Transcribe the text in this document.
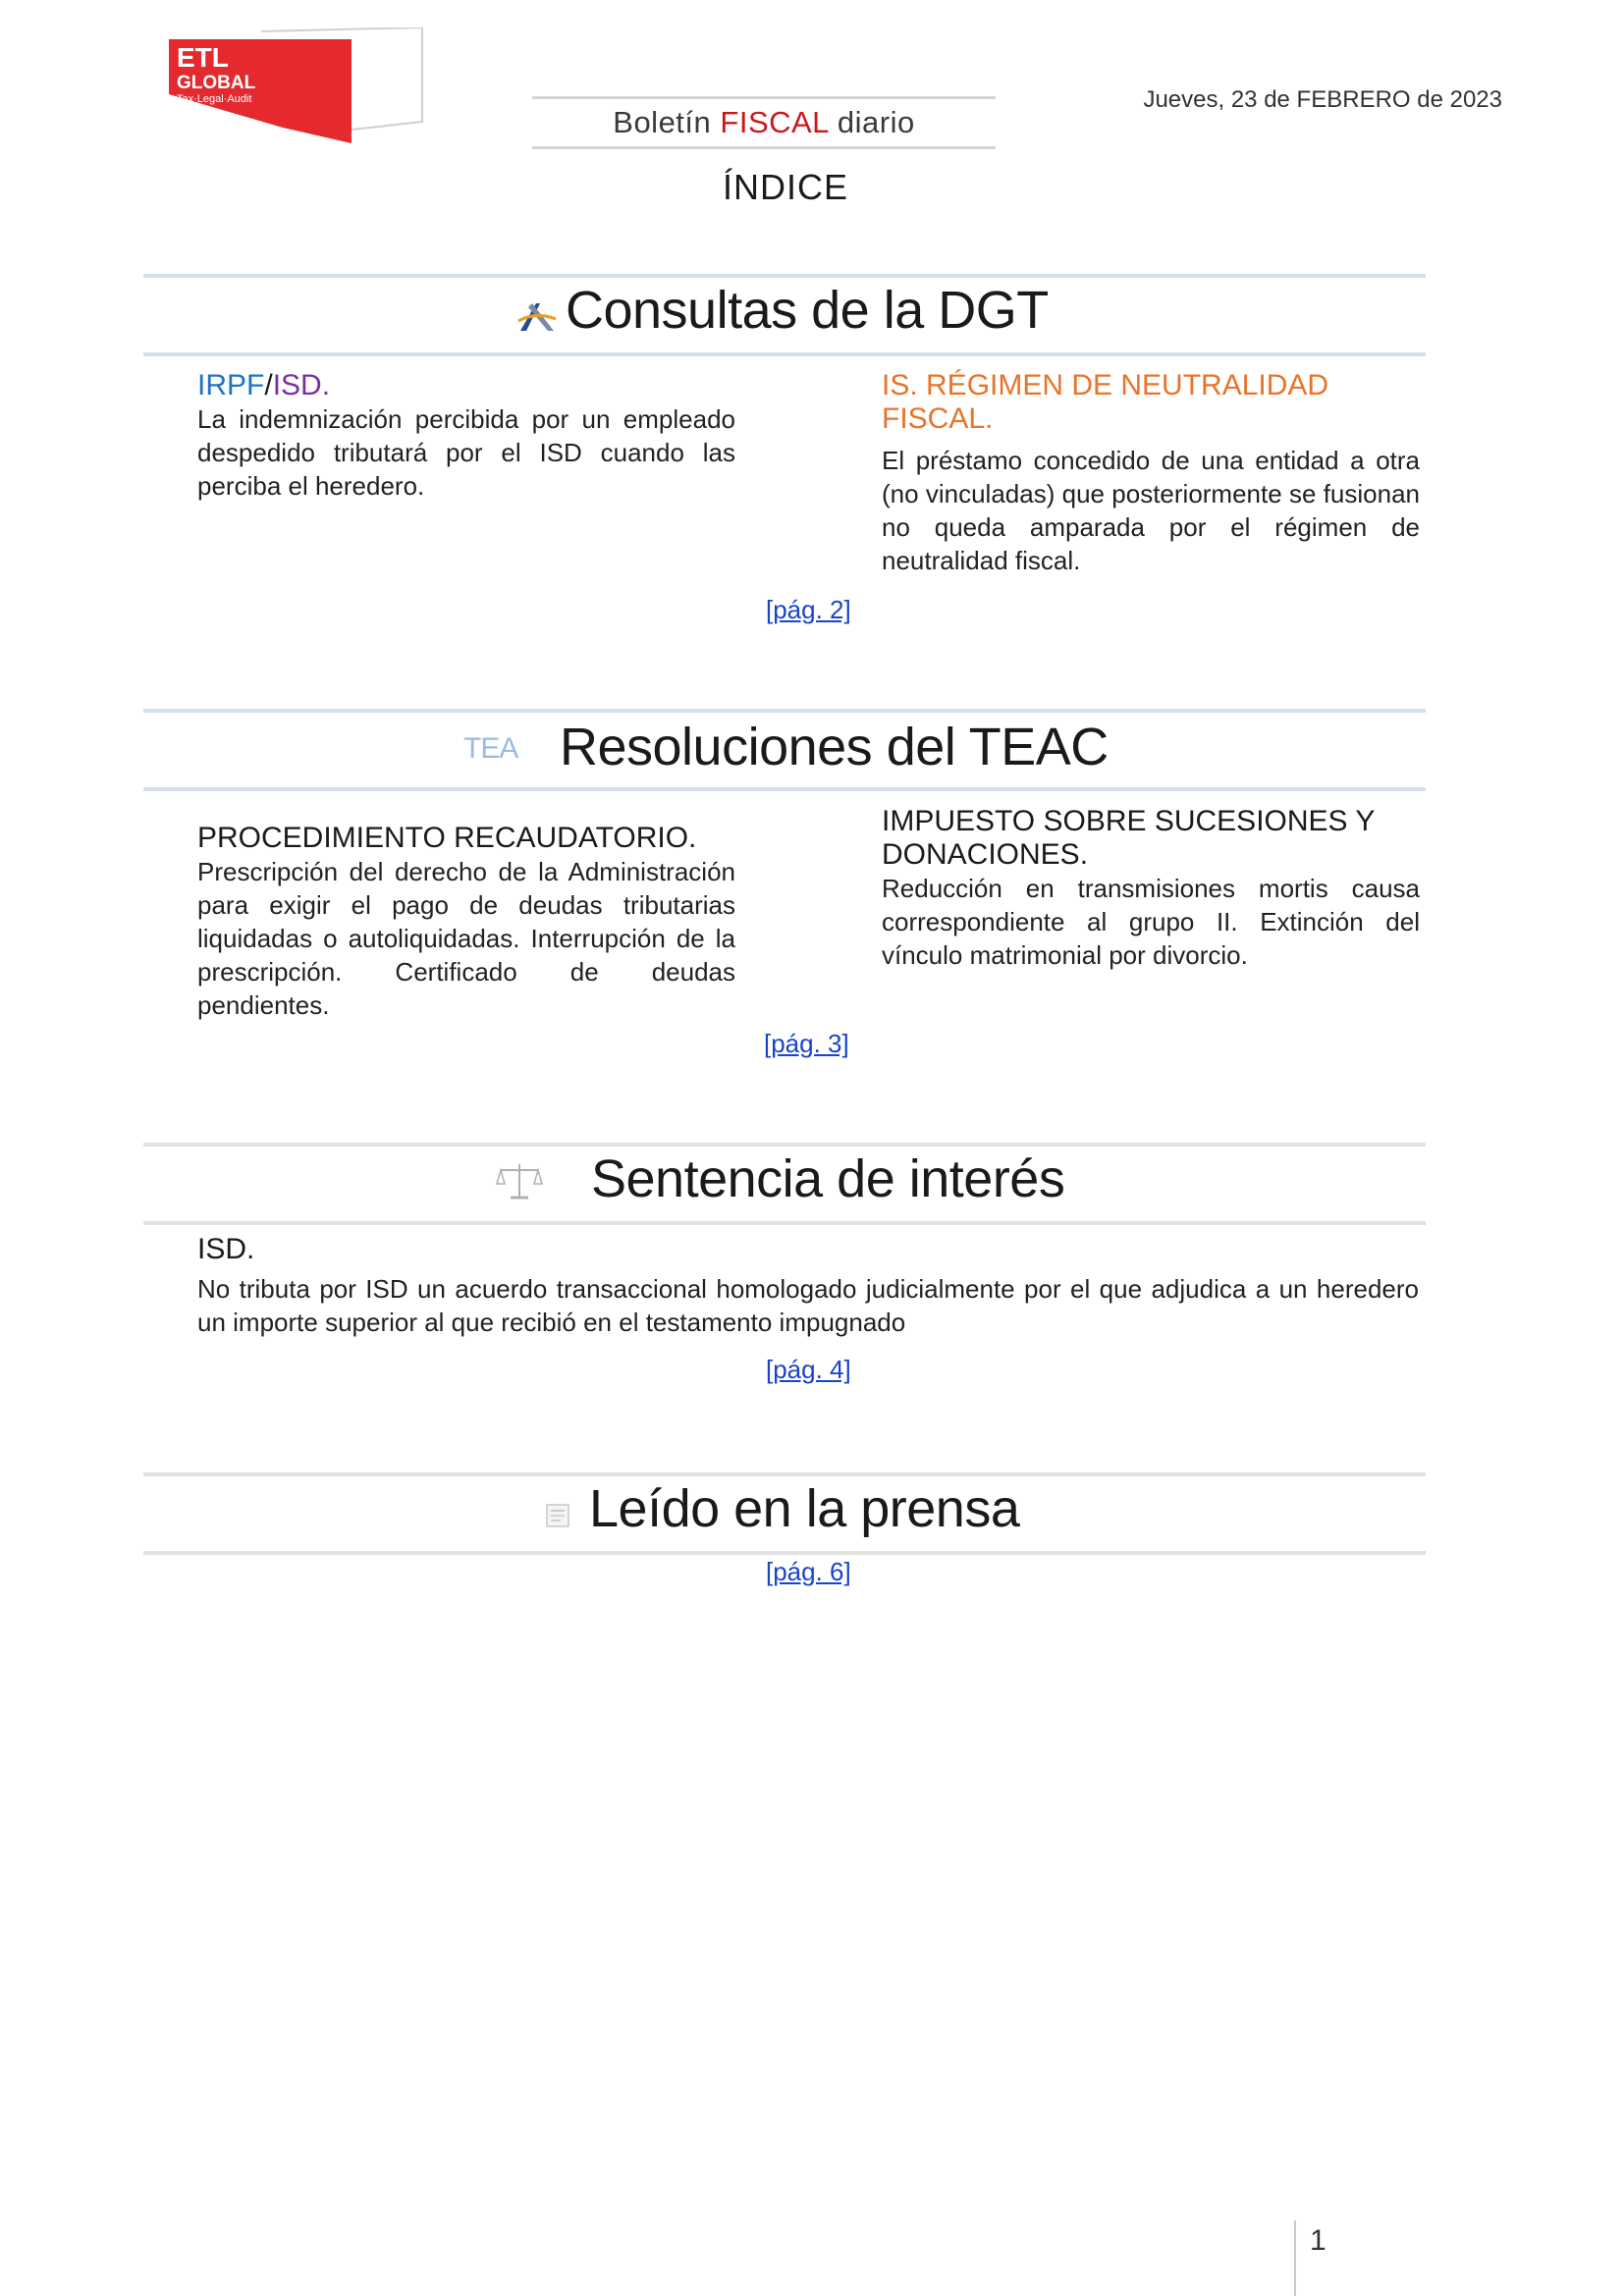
ETL
GLOBAL
Tax·Legal·Audit
Boletín FISCAL diario
Jueves, 23 de FEBRERO de 2023
ÍNDICE
Consultas de la DGT
IRPF/ISD.
La indemnización percibida por un empleado despedido tributará por el ISD cuando las perciba el heredero.
IS. RÉGIMEN DE NEUTRALIDAD
FISCAL.
El préstamo concedido de una entidad a otra (no vinculadas) que posteriormente se fusionan no queda amparada por el régimen de neutralidad fiscal.
[pág. 2]
TEA Resoluciones del TEAC
PROCEDIMIENTO RECAUDATORIO.
Prescripción del derecho de la Administración para exigir el pago de deudas tributarias liquidadas o autoliquidadas. Interrupción de la prescripción. Certificado de deudas pendientes.
IMPUESTO SOBRE SUCESIONES Y
DONACIONES.
Reducción en transmisiones mortis causa correspondiente al grupo II. Extinción del vínculo matrimonial por divorcio.
[pág. 3]
Sentencia de interés
ISD.
No tributa por ISD un acuerdo transaccional homologado judicialmente por el que adjudica a un heredero un importe superior al que recibió en el testamento impugnado
[pág. 4]
Leído en la prensa
[pág. 6]
1
